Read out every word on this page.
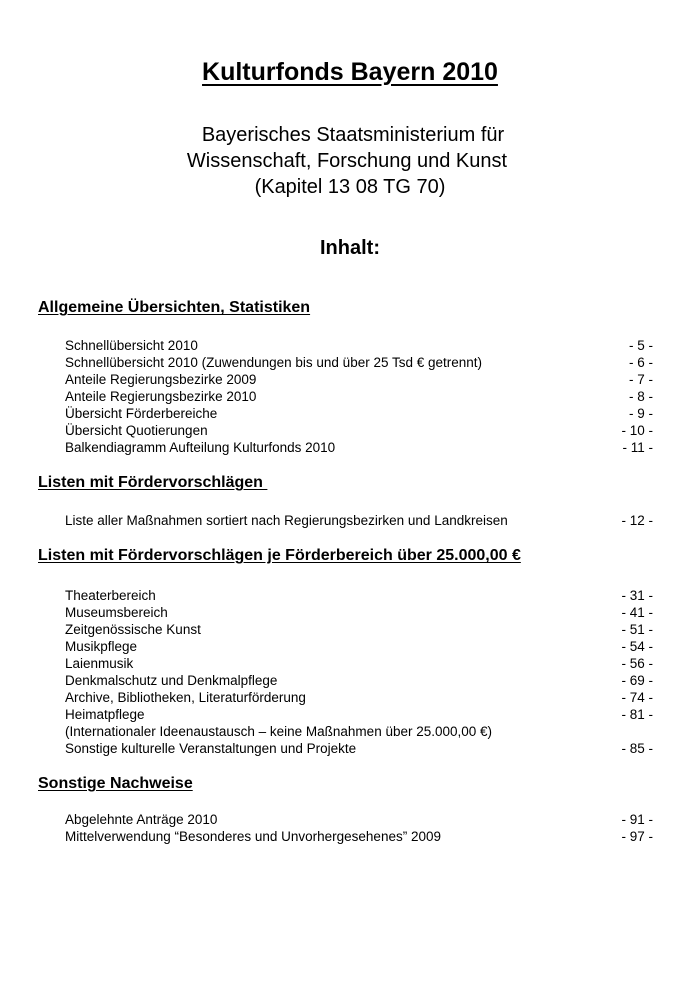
Kulturfonds Bayern 2010
Bayerisches Staatsministerium für
Wissenschaft, Forschung und Kunst
(Kapitel 13 08 TG 70)
Inhalt:
Allgemeine Übersichten, Statistiken
Schnellübersicht 2010	- 5 -
Schnellübersicht 2010 (Zuwendungen bis und über 25 Tsd € getrennt)	- 6 -
Anteile Regierungsbezirke 2009	- 7 -
Anteile Regierungsbezirke 2010	- 8 -
Übersicht Förderbereiche	- 9 -
Übersicht Quotierungen	- 10 -
Balkendiagramm Aufteilung Kulturfonds 2010	- 11 -
Listen mit Fördervorschlägen
Liste aller Maßnahmen sortiert nach Regierungsbezirken und Landkreisen	- 12 -
Listen mit Fördervorschlägen je Förderbereich über 25.000,00 €
Theaterbereich	- 31 -
Museumsbereich	- 41 -
Zeitgenössische Kunst	- 51 -
Musikpflege	- 54 -
Laienmusik	- 56 -
Denkmalschutz und Denkmalpflege	- 69 -
Archive, Bibliotheken, Literaturförderung	- 74 -
Heimatpflege	- 81 -
(Internationaler Ideenaustausch – keine Maßnahmen über 25.000,00 €)
Sonstige kulturelle Veranstaltungen und Projekte	- 85 -
Sonstige Nachweise
Abgelehnte Anträge 2010	- 91 -
Mittelverwendung “Besonderes und Unvorhergesehenes” 2009	- 97 -
